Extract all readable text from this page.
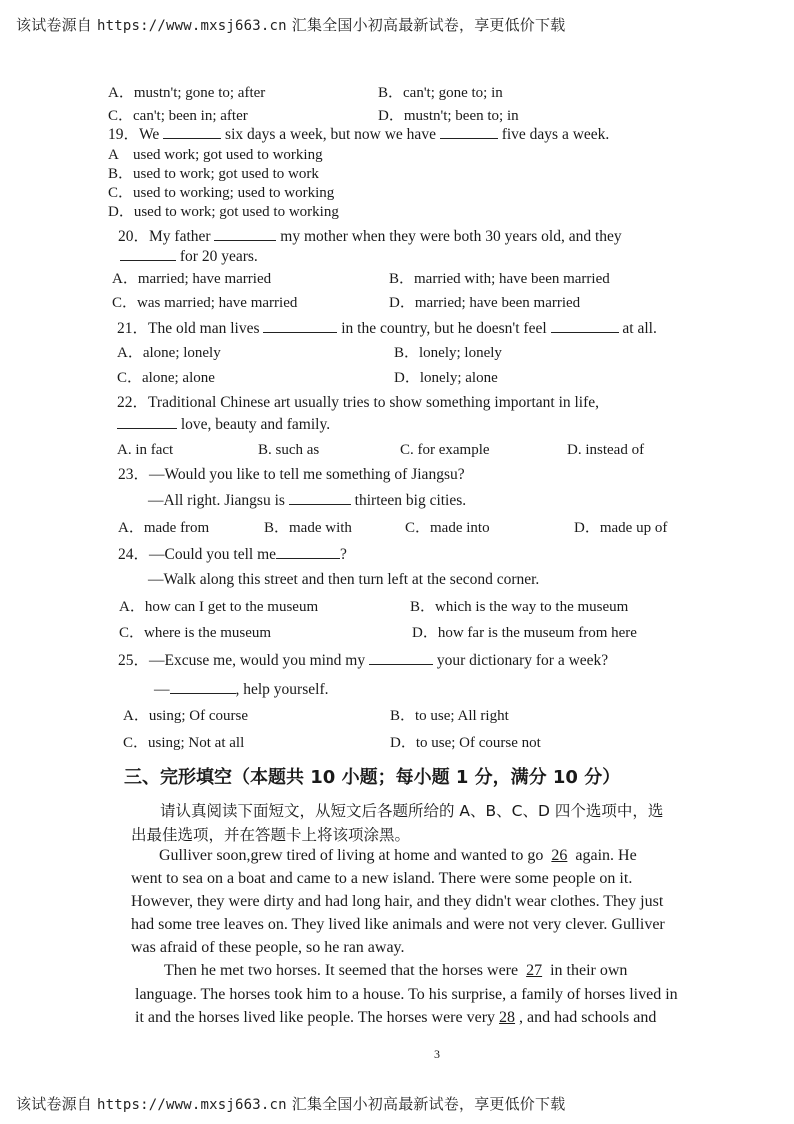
该试卷源自 https://www.mxsj663.cn 汇集全国小初高最新试卷，享更低价下载
A．mustn't; gone to; after	B．can't; gone to; in
C．can't; been in; after	D．mustn't; been to; in
19．We	six days a week, but now we have	five days a week.
A　used work; got used to working
B．used to work; got used to work
C．used to working; used to working
D．used to work; got used to working
20．My father	my mother when they were both 30 years old, and they
for 20 years.
A．married; have married	B．married with; have been married
C．was married; have married	D．married; have been married
21．The old man lives	in the country, but he doesn't feel	at all.
A．alone; lonely	B．lonely; lonely
C．alone; alone	D．lonely; alone
22．Traditional Chinese art usually tries to show something important in life,
love, beauty and family.
A. in fact	B. such as	C. for example	D. instead of
23．—Would you like to tell me something of Jiangsu?
—All right. Jiangsu is	thirteen big cities.
A．made from	B．made with	C．made into	D．made up of
24．—Could you tell me	?
—Walk along this street and then turn left at the second corner.
A．how can I get to the museum	B．which is the way to the museum
C．where is the museum	D．how far is the museum from here
25．—Excuse me, would you mind my	your dictionary for a week?
—	, help yourself.
A．using; Of course	B．to use; All right
C．using; Not at all	D．to use; Of course not
三、完形填空（本题共 10 小题；每小题 1 分，满分 10 分）
请认真阅读下面短文，从短文后各题所给的 A、B、C、D 四个选项中，选
出最佳选项，并在答题卡上将该项涂黑。
Gulliver soon,grew tired of living at home and wanted to go 26 again. He
went to sea on a boat and came to a new island. There were some people on it.
However, they were dirty and had long hair, and they didn't wear clothes. They just
had some tree leaves on. They lived like animals and were not very clever. Gulliver
was afraid of these people, so he ran away.
Then he met two horses. It seemed that the horses were 27 in their own
language. The horses took him to a house. To his surprise, a family of horses lived in
it and the horses lived like people. The horses were very 28 , and had schools and
3
该试卷源自 https://www.mxsj663.cn 汇集全国小初高最新试卷，享更低价下载
